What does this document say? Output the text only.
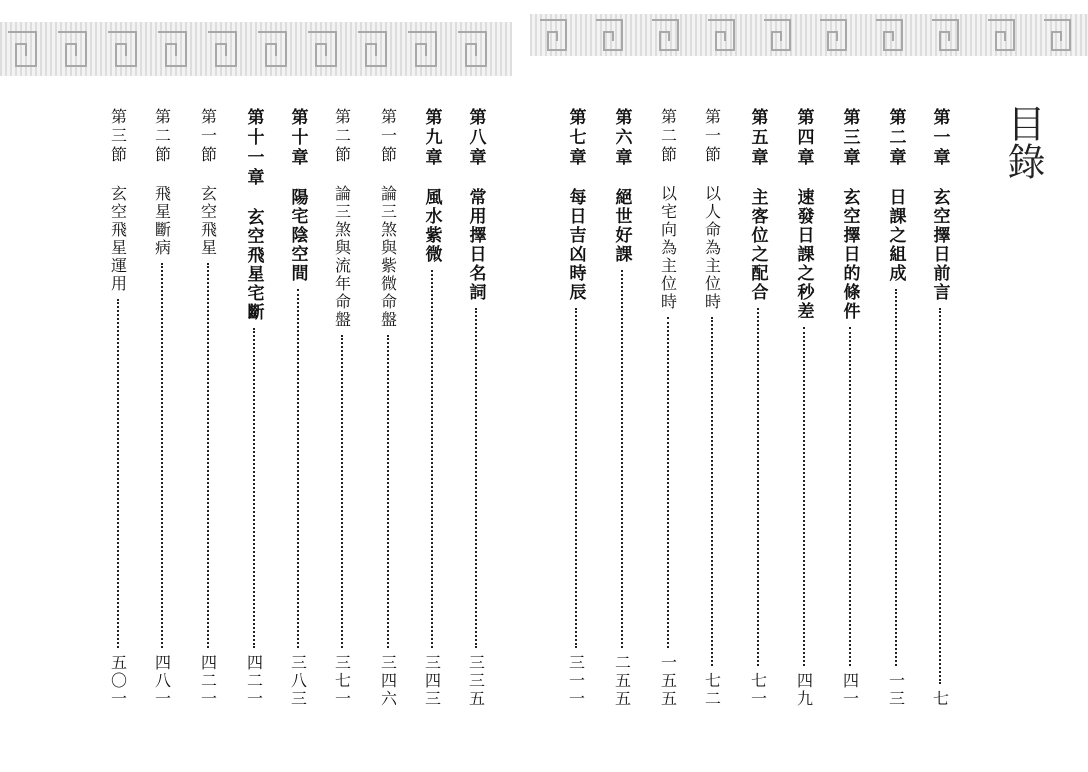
目錄
第一章
玄空擇日前言
七
第二章
日課之組成
一三
第三章
玄空擇日的條件
四一
第四章
速發日課之秒差
四九
第五章
主客位之配合
七一
第一節
以人命為主位時
七二
第二節
以宅向為主位時
一五五
第六章
絕世好課
二五五
第七章
每日吉凶時辰
三一一
第八章
常用擇日名詞
三三五
第九章
風水紫微
三四三
第一節
論三煞與紫微命盤
三四六
第二節
論三煞與流年命盤
三七一
第十章
陽宅陰空間
三八三
第十一章
玄空飛星宅斷
四二一
第一節
玄空飛星
四二一
第二節
飛星斷病
四八一
第三節
玄空飛星運用
五〇一
